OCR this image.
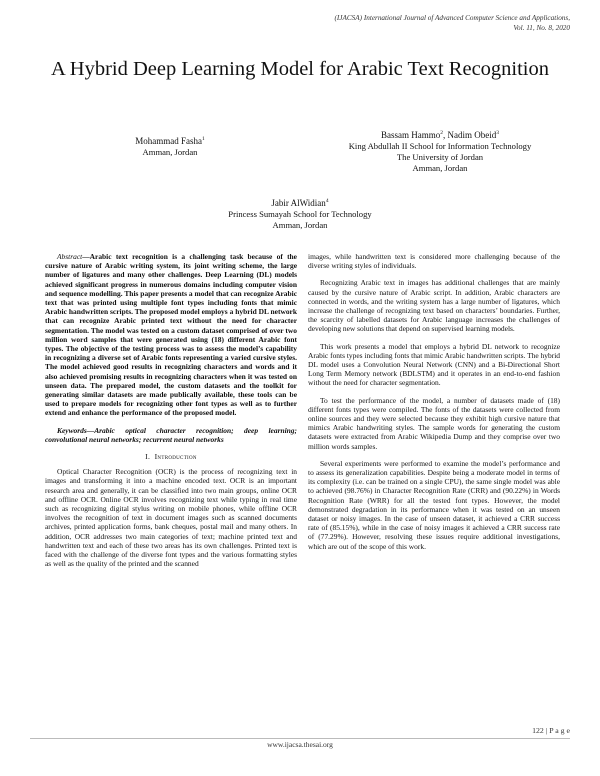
(IJACSA) International Journal of Advanced Computer Science and Applications,
Vol. 11, No. 8, 2020
A Hybrid Deep Learning Model for Arabic Text Recognition
Mohammad Fasha$^1$
Amman, Jordan
Bassam Hammo$^2$, Nadim Obeid$^3$
King Abdullah II School for Information Technology
The University of Jordan
Amman, Jordan
Jabir AlWidian$^4$
Princess Sumayah School for Technology
Amman, Jordan

Abstract—Arabic text recognition is a challenging task because of the cursive nature of Arabic writing system, its joint writing scheme, the large number of ligatures and many other challenges. Deep Learning (DL) models achieved significant progress in numerous domains including computer vision and sequence modelling. This paper presents a model that can recognize Arabic text that was printed using multiple font types including fonts that mimic Arabic handwritten scripts. The proposed model employs a hybrid DL network that can recognize Arabic printed text without the need for character segmentation. The model was tested on a custom dataset comprised of over two million word samples that were generated using (18) different Arabic font types. The objective of the testing process was to assess the model’s capability in recognizing a diverse set of Arabic fonts representing a varied cursive styles. The model achieved good results in recognizing characters and words and it also achieved promising results in recognizing characters when it was tested on unseen data. The prepared model, the custom datasets and the toolkit for generating similar datasets are made publically available, these tools can be used to prepare models for recognizing other font types as well as to further extend and enhance the performance of the proposed model.

Keywords—Arabic optical character recognition; deep learning; convolutional neural networks; recurrent neural networks

I. Introduction

Optical Character Recognition (OCR) is the process of recognizing text in images and transforming it into a machine encoded text. OCR is an important research area and generally, it can be classified into two main groups, online OCR and offline OCR. Online OCR involves recognizing text while typing in real time such as recognizing digital stylus writing on mobile phones, while offline OCR involves the recognition of text in document images such as scanned documents archives, printed application forms, bank cheques, postal mail and many others. In addition, OCR addresses two main categories of text; machine printed text and handwritten text and each of these two areas has its own challenges. Printed text is faced with the challenge of the diverse font types and the various formatting styles as well as the quality of the printed and the scanned

images, while handwritten text is considered more challenging because of the diverse writing styles of individuals.

Recognizing Arabic text in images has additional challenges that are mainly caused by the cursive nature of Arabic script. In addition, Arabic characters are connected in words, and the writing system has a large number of ligatures, which increase the challenge of recognizing text based on characters’ boundaries. Further, the scarcity of labelled datasets for Arabic language increases the challenges of developing new solutions that depend on supervised learning models.

This work presents a model that employs a hybrid DL network to recognize Arabic fonts types including fonts that mimic Arabic handwritten scripts. The hybrid DL model uses a Convolution Neural Network (CNN) and a Bi-Directional Short Long Term Memory network (BDLSTM) and it operates in an end-to-end fashion without the need for character segmentation.

To test the performance of the model, a number of datasets made of (18) different fonts types were compiled. The fonts of the datasets were collected from online sources and they were selected because they exhibit high cursive nature that mimics Arabic handwriting styles. The sample words for generating the custom datasets were extracted from Arabic Wikipedia Dump and they comprise over two million words samples.

Several experiments were performed to examine the model’s performance and to assess its generalization capabilities. Despite being a moderate model in terms of its complexity (i.e. can be trained on a single CPU), the same single model was able to achieved (98.76%) in Character Recognition Rate (CRR) and (90.22%) in Words Recognition Rate (WRR) for all the tested font types. However, the model demonstrated degradation in its performance when it was tested on an unseen dataset or noisy images. In the case of unseen dataset, it achieved a CRR success rate of (85.15%), while in the case of noisy images it achieved a CRR success rate of (77.29%). However, resolving these issues require additional investigations, which are out of the scope of this work.

122 | P a g e
www.ijacsa.thesai.org
